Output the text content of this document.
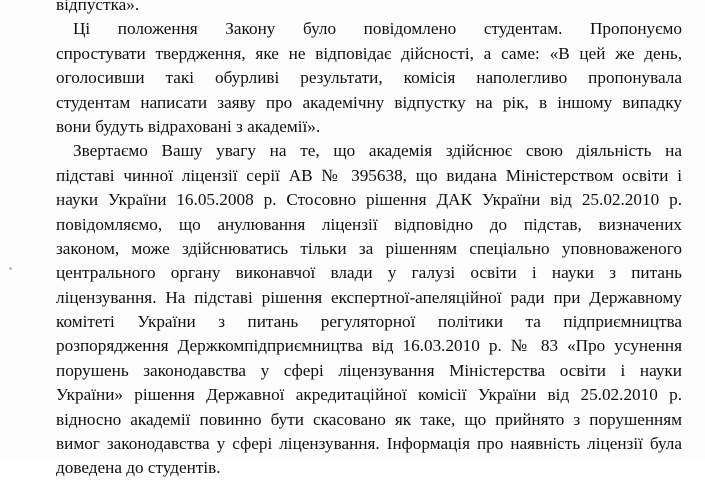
відпустка».
Ці положення Закону було повідомлено студентам. Пропонуємо
спростувати твердження, яке не відповідає дійсності, а саме: «В цей же день,
оголосивши такі обурливі результати, комісія наполегливо пропонувала
студентам написати заяву про академічну відпустку на рік, в іншому випадку
вони будуть відраховані з академії».
Звертаємо Вашу увагу на те, що академія здійснює свою діяльність на
підставі чинної ліцензії серії АВ № 395638, що видана Міністерством освіти і
науки України 16.05.2008 р. Стосовно рішення ДАК України від 25.02.2010 р.
повідомляємо, що анулювання ліцензії відповідно до підстав, визначених
законом, може здійснюватись тільки за рішенням спеціально уповноваженого
центрального органу виконавчої влади у галузі освіти і науки з питань
ліцензування. На підставі рішення експертної-апеляційної ради при Державному
комітеті України з питань регуляторної політики та підприємництва
розпорядження Держкомпідприємництва від 16.03.2010 р. № 83 «Про усунення
порушень законодавства у сфері ліцензування Міністерства освіти і науки
України» рішення Державної акредитаційної комісії України від 25.02.2010 р.
відносно академії повинно бути скасовано як таке, що прийнято з порушенням
вимог законодавства у сфері ліцензування. Інформація про наявність ліцензії була
доведена до студентів.
